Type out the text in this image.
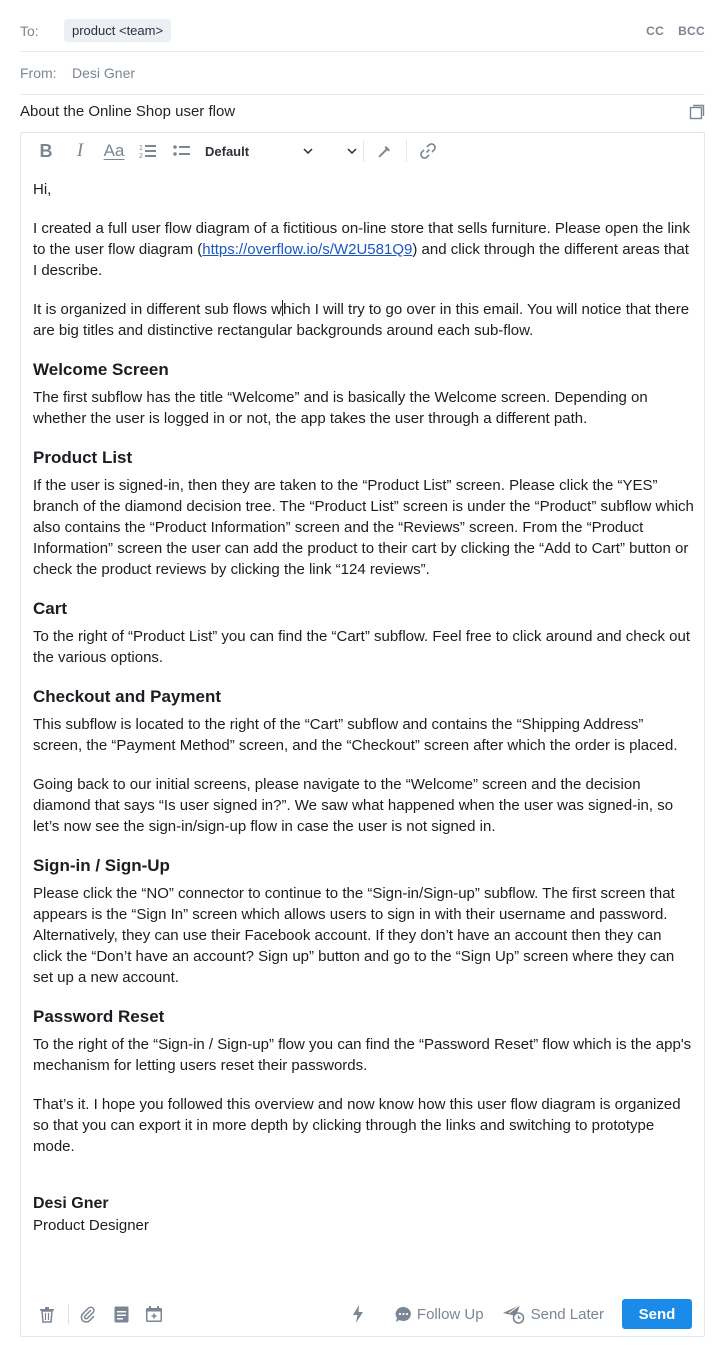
To:	product <team>	CC BCC
From:	Desi Gner
About the Online Shop user flow
B	I	Aa	1
2	Default

Hi,

I created a full user flow diagram of a fictitious on-line store that sells furniture. Please open the link to the user flow diagram (https://overflow.io/s/W2U581Q9) and click through the different areas that I describe.

It is organized in different sub flows which I will try to go over in this email. You will notice that there are big titles and distinctive rectangular backgrounds around each sub-flow.

Welcome Screen

The first subflow has the title “Welcome” and is basically the Welcome screen. Depending on whether the user is logged in or not, the app takes the user through a different path.

Product List

If the user is signed-in, then they are taken to the “Product List” screen. Please click the “YES” branch of the diamond decision tree. The “Product List” screen is under the “Product” subflow which also contains the “Product Information” screen and the “Reviews” screen. From the “Product Information” screen the user can add the product to their cart by clicking the “Add to Cart” button or check the product reviews by clicking the link “124 reviews”.

Cart

To the right of “Product List” you can find the “Cart” subflow. Feel free to click around and check out the various options.

Checkout and Payment

This subflow is located to the right of the “Cart” subflow and contains the “Shipping Address” screen, the “Payment Method” screen, and the “Checkout” screen after which the order is placed.

Going back to our initial screens, please navigate to the “Welcome” screen and the decision diamond that says “Is user signed in?”. We saw what happened when the user was signed-in, so let’s now see the sign-in/sign-up flow in case the user is not signed in.

Sign-in / Sign-Up

Please click the “NO” connector to continue to the “Sign-in/Sign-up” subflow. The first screen that appears is the “Sign In” screen which allows users to sign in with their username and password. Alternatively, they can use their Facebook account. If they don’t have an account then they can click the “Don’t have an account? Sign up” button and go to the “Sign Up” screen where they can set up a new account.

Password Reset

To the right of the “Sign-in / Sign-up” flow you can find the “Password Reset” flow which is the app's mechanism for letting users reset their passwords.

That’s it. I hope you followed this overview and now know how this user flow diagram is organized so that you can export it in more depth by clicking through the links and switching to prototype mode.

Desi Gner
Product Designer
Follow Up	Send Later	Send
